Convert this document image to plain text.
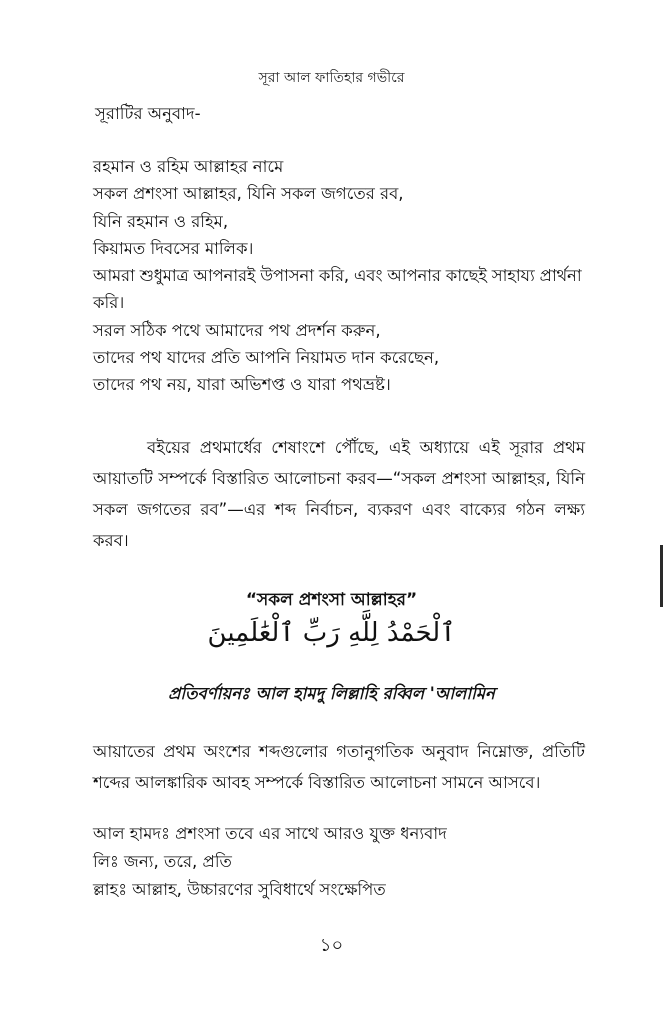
সূরা আল ফাতিহার গভীরে
সূরাটির অনুবাদ-
রহমান ও রহিম আল্লাহর নামে
সকল প্রশংসা আল্লাহর, যিনি সকল জগতের রব,
যিনি রহমান ও রহিম,
কিয়ামত দিবসের মালিক।
আমরা শুধুমাত্র আপনারই উপাসনা করি, এবং আপনার কাছেই সাহায্য প্রার্থনা
করি।
সরল সঠিক পথে আমাদের পথ প্রদর্শন করুন,
তাদের পথ যাদের প্রতি আপনি নিয়ামত দান করেছেন,
তাদের পথ নয়, যারা অভিশপ্ত ও যারা পথভ্রষ্ট।
বইয়ের প্রথমার্ধের শেষাংশে পৌঁছে, এই অধ্যায়ে এই সূরার প্রথম
আয়াতটি সম্পর্কে বিস্তারিত আলোচনা করব—“সকল প্রশংসা আল্লাহর, যিনি
সকল জগতের রব”—এর শব্দ নির্বাচন, ব্যকরণ এবং বাক্যের গঠন লক্ষ্য
করব।
“সকল প্রশংসা আল্লাহর”
ٱلْحَمْدُ لِلَّهِ رَبِّ ٱلْعَٰلَمِينَ
প্রতিবর্ণায়নঃ আল হামদু লিল্লাহি রব্বিল 'আলামিন
আয়াতের প্রথম অংশের শব্দগুলোর গতানুগতিক অনুবাদ নিম্নোক্ত, প্রতিটি
শব্দের আলঙ্কারিক আবহ সম্পর্কে বিস্তারিত আলোচনা সামনে আসবে।
আল হামদঃ প্রশংসা তবে এর সাথে আরও যুক্ত ধন্যবাদ
লিঃ জন্য, তরে, প্রতি
ল্লাহঃ আল্লাহ, উচ্চারণের সুবিধার্থে সংক্ষেপিত
১০
